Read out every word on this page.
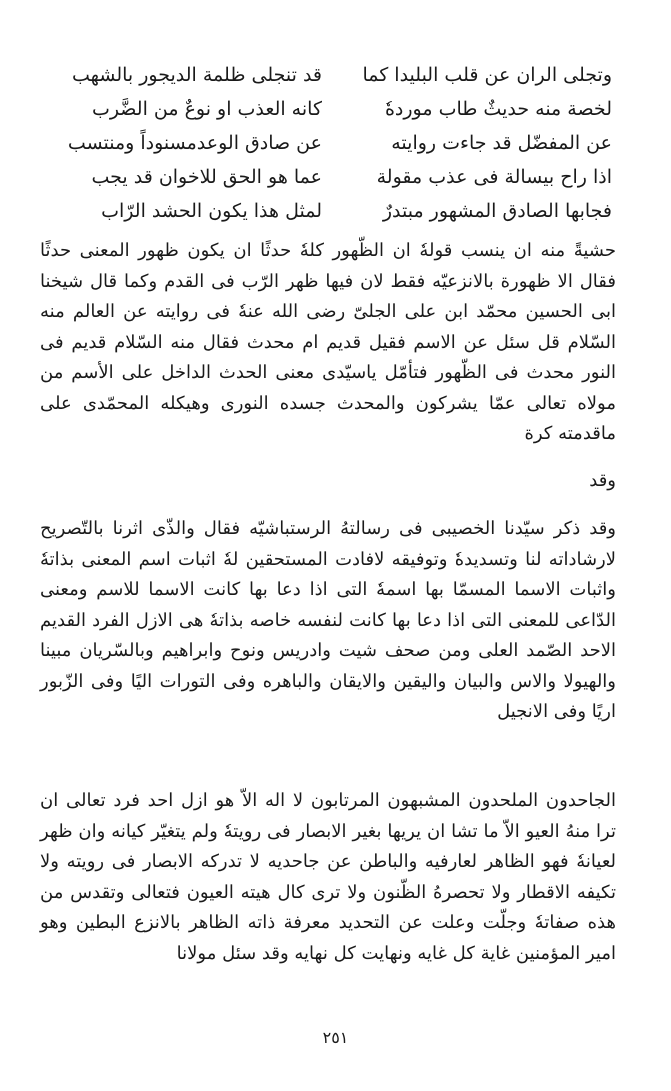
وتجلى الران عن قلب البليدا كما
قد تنجلى ظلمة الديجور بالشهب
لخصة منه حديثٌ طاب موردهٗ
كانه العذب او نوعٌ من الضَّرب
عن المفضّل قد جاءت روايته
عن صادق الوعدمسنوداً ومنتسب
اذا راح بيسالة فى عذب مقولة
عما هو الحق للاخوان قد يجب
فجابها الصادق المشهور مبتدرٌ
لمثل هذا يكون الحشد الرّاب

حشيةً منه ان ينسب قولهٗ ان الظّهور كلهٗ حدثًا ان يكون ظهور المعنى حدثًا فقال الا ظهورة بالانزعيّه فقط لان فيها ظهر الرّب فى القدم وكما قال شيخنا ابى الحسين محمّد ابن على الجلىّ رضى الله عنهٗ فى روايته عن العالم منه السّلام قل سئل عن الاسم فقيل قديم ام محدث فقال منه السّلام قديم فى النور محدث فى الظّهور فتأمّل ياسيّدى معنى الحدث الداخل على الأسم من مولاه تعالى عمّا يشركون والمحدث جسده النورى وهيكله المحمّدى على ماقدمته كرة

وقد

وقد ذكر سيّدنا الخصيبى فى رسالتهُ الرستباشيّه فقال والذّى اثرنا بالتّصريح لارشاداته لنا وتسديدهٗ وتوفيقه لافادت المستحقين لهٗ اثبات اسم المعنى بذاتهٗ واثبات الاسما المسمّا بها اسمهٗ التى اذا دعا بها كانت الاسما للاسم ومعنى الدّاعى للمعنى التى اذا دعا بها كانت لنفسه خاصه بذاتهٗ هى الازل الفرد القديم الاحد الصّمد العلى ومن صحف شيت وادريس ونوح وابراهيم وبالسّريان مبينا والهيولا والاس والبيان واليقين والايقان والباهره وفى التورات اليًا وفى الزّبور اريًا وفى الانجيل

الجاحدون الملحدون المشبهون المرتابون لا اله الاّ هو ازل احد فرد تعالى ان ترا منهُ العيو الاّ ما تشا ان يريها بغير الابصار فى رويتهٗ ولم يتغيّر كيانه وان ظهر لعيانهٗ فهو الظاهر لعارفيه والباطن عن جاحديه لا تدركه الابصار فى رويته ولا تكيفه الاقطار ولا تحصرهُ الظّنون ولا ترى كال هيته العيون فتعالى وتقدس من هذه صفاتهٗ وجلّت وعلت عن التحديد معرفة ذاته الظاهر بالانزع البطين وهو امير المؤمنين غاية كل غايه ونهايت كل نهايه وقد سئل مولانا

٢٥١
